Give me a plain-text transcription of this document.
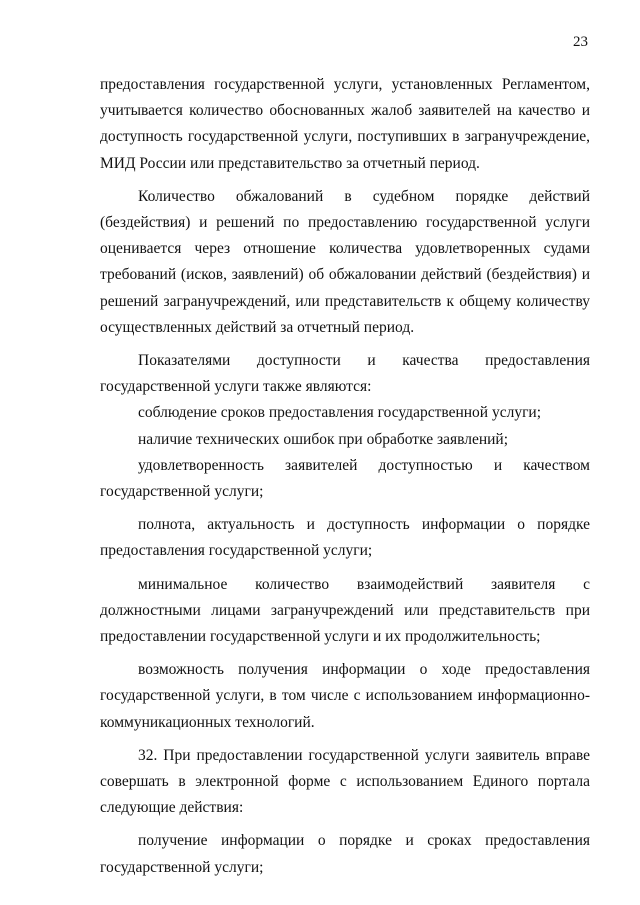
23

предоставления государственной услуги, установленных Регламентом, учитывается количество обоснованных жалоб заявителей на качество и доступность государственной услуги, поступивших в загранучреждение, МИД России или представительство за отчетный период.

Количество обжалований в судебном порядке действий (бездействия) и решений по предоставлению государственной услуги оценивается через отношение количества удовлетворенных судами требований (исков, заявлений) об обжаловании действий (бездействия) и решений загранучреждений, или представительств к общему количеству осуществленных действий за отчетный период.

Показателями доступности и качества предоставления государственной услуги также являются:

соблюдение сроков предоставления государственной услуги;

наличие технических ошибок при обработке заявлений;

удовлетворенность заявителей доступностью и качеством государственной услуги;

полнота, актуальность и доступность информации о порядке предоставления государственной услуги;

минимальное количество взаимодействий заявителя с должностными лицами загранучреждений или представительств при предоставлении государственной услуги и их продолжительность;

возможность получения информации о ходе предоставления государственной услуги, в том числе с использованием информационно-коммуникационных технологий.

32. При предоставлении государственной услуги заявитель вправе совершать в электронной форме с использованием Единого портала следующие действия:

получение информации о порядке и сроках предоставления государственной услуги;
